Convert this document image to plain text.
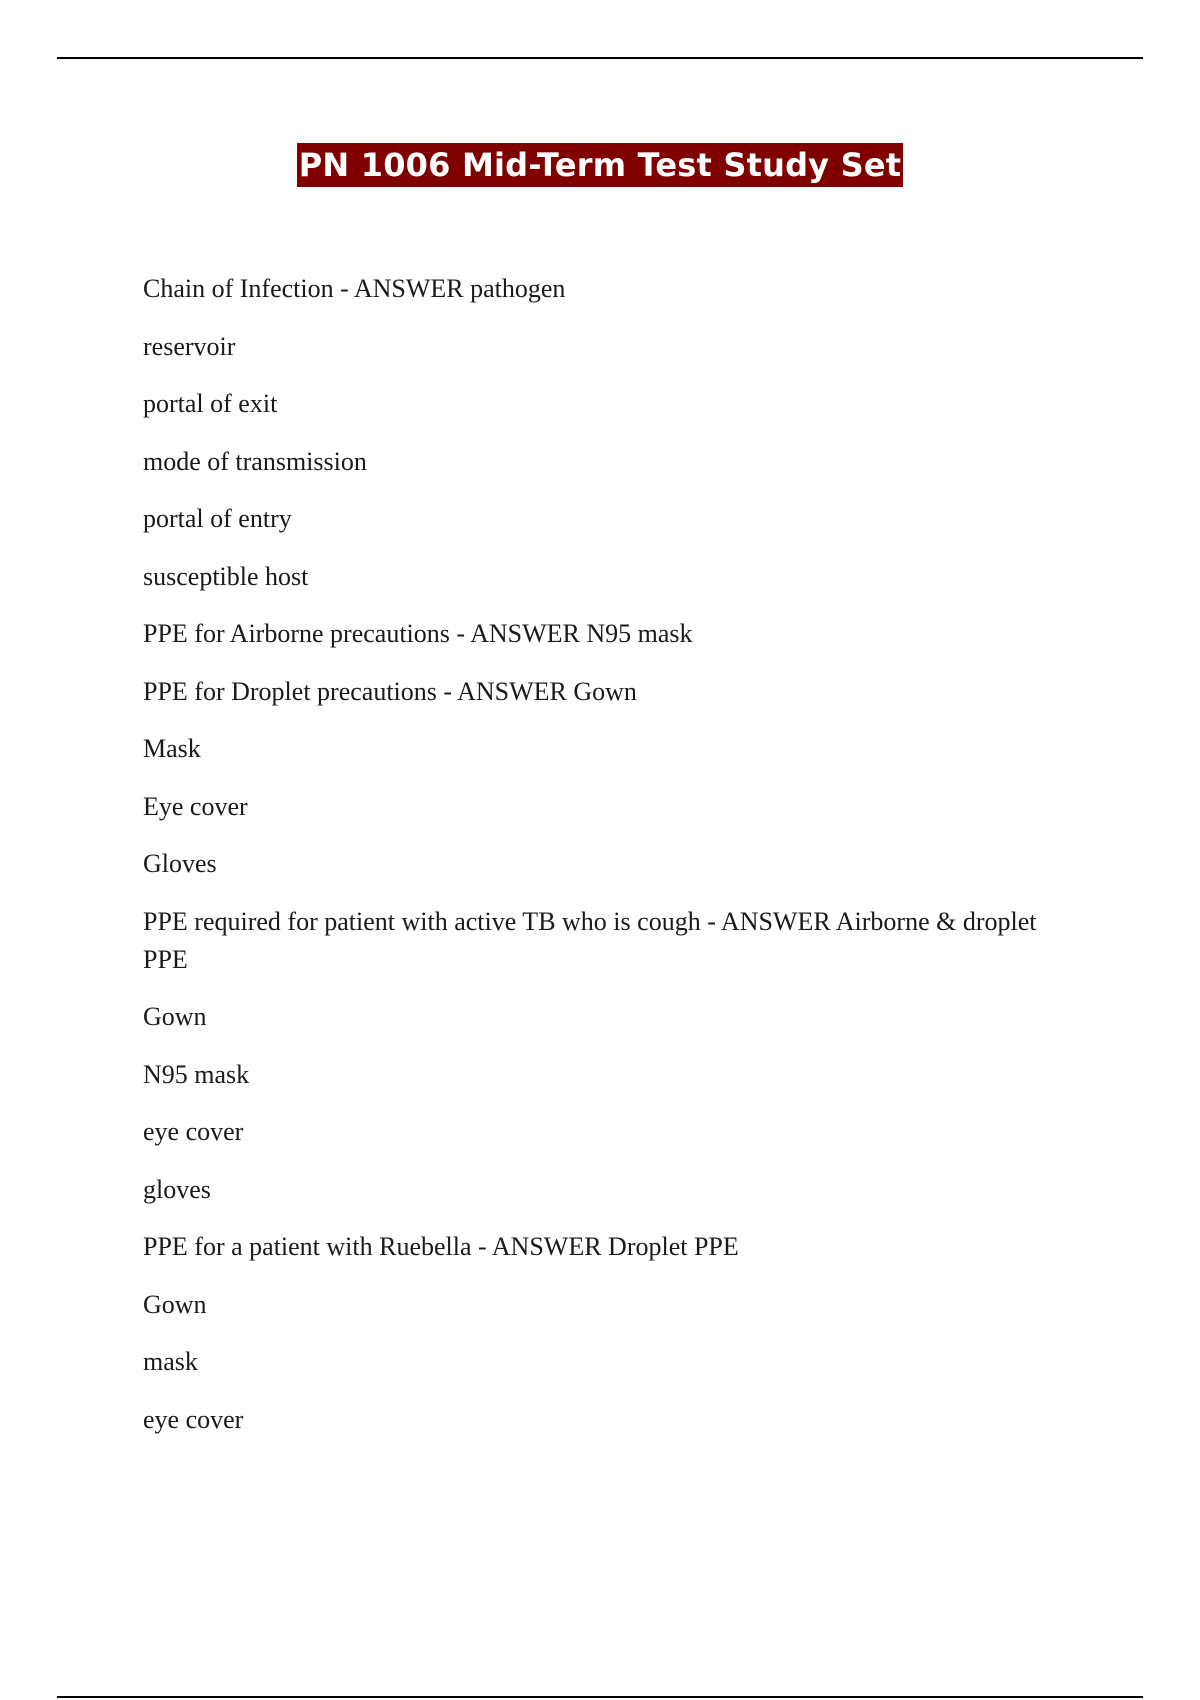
PN 1006 Mid-Term Test Study Set
Chain of Infection - ANSWER pathogen
reservoir
portal of exit
mode of transmission
portal of entry
susceptible host
PPE for Airborne precautions - ANSWER N95 mask
PPE for Droplet precautions - ANSWER Gown
Mask
Eye cover
Gloves
PPE required for patient with active TB who is cough - ANSWER Airborne & droplet PPE
Gown
N95 mask
eye cover
gloves
PPE for a patient with Ruebella - ANSWER Droplet PPE
Gown
mask
eye cover
